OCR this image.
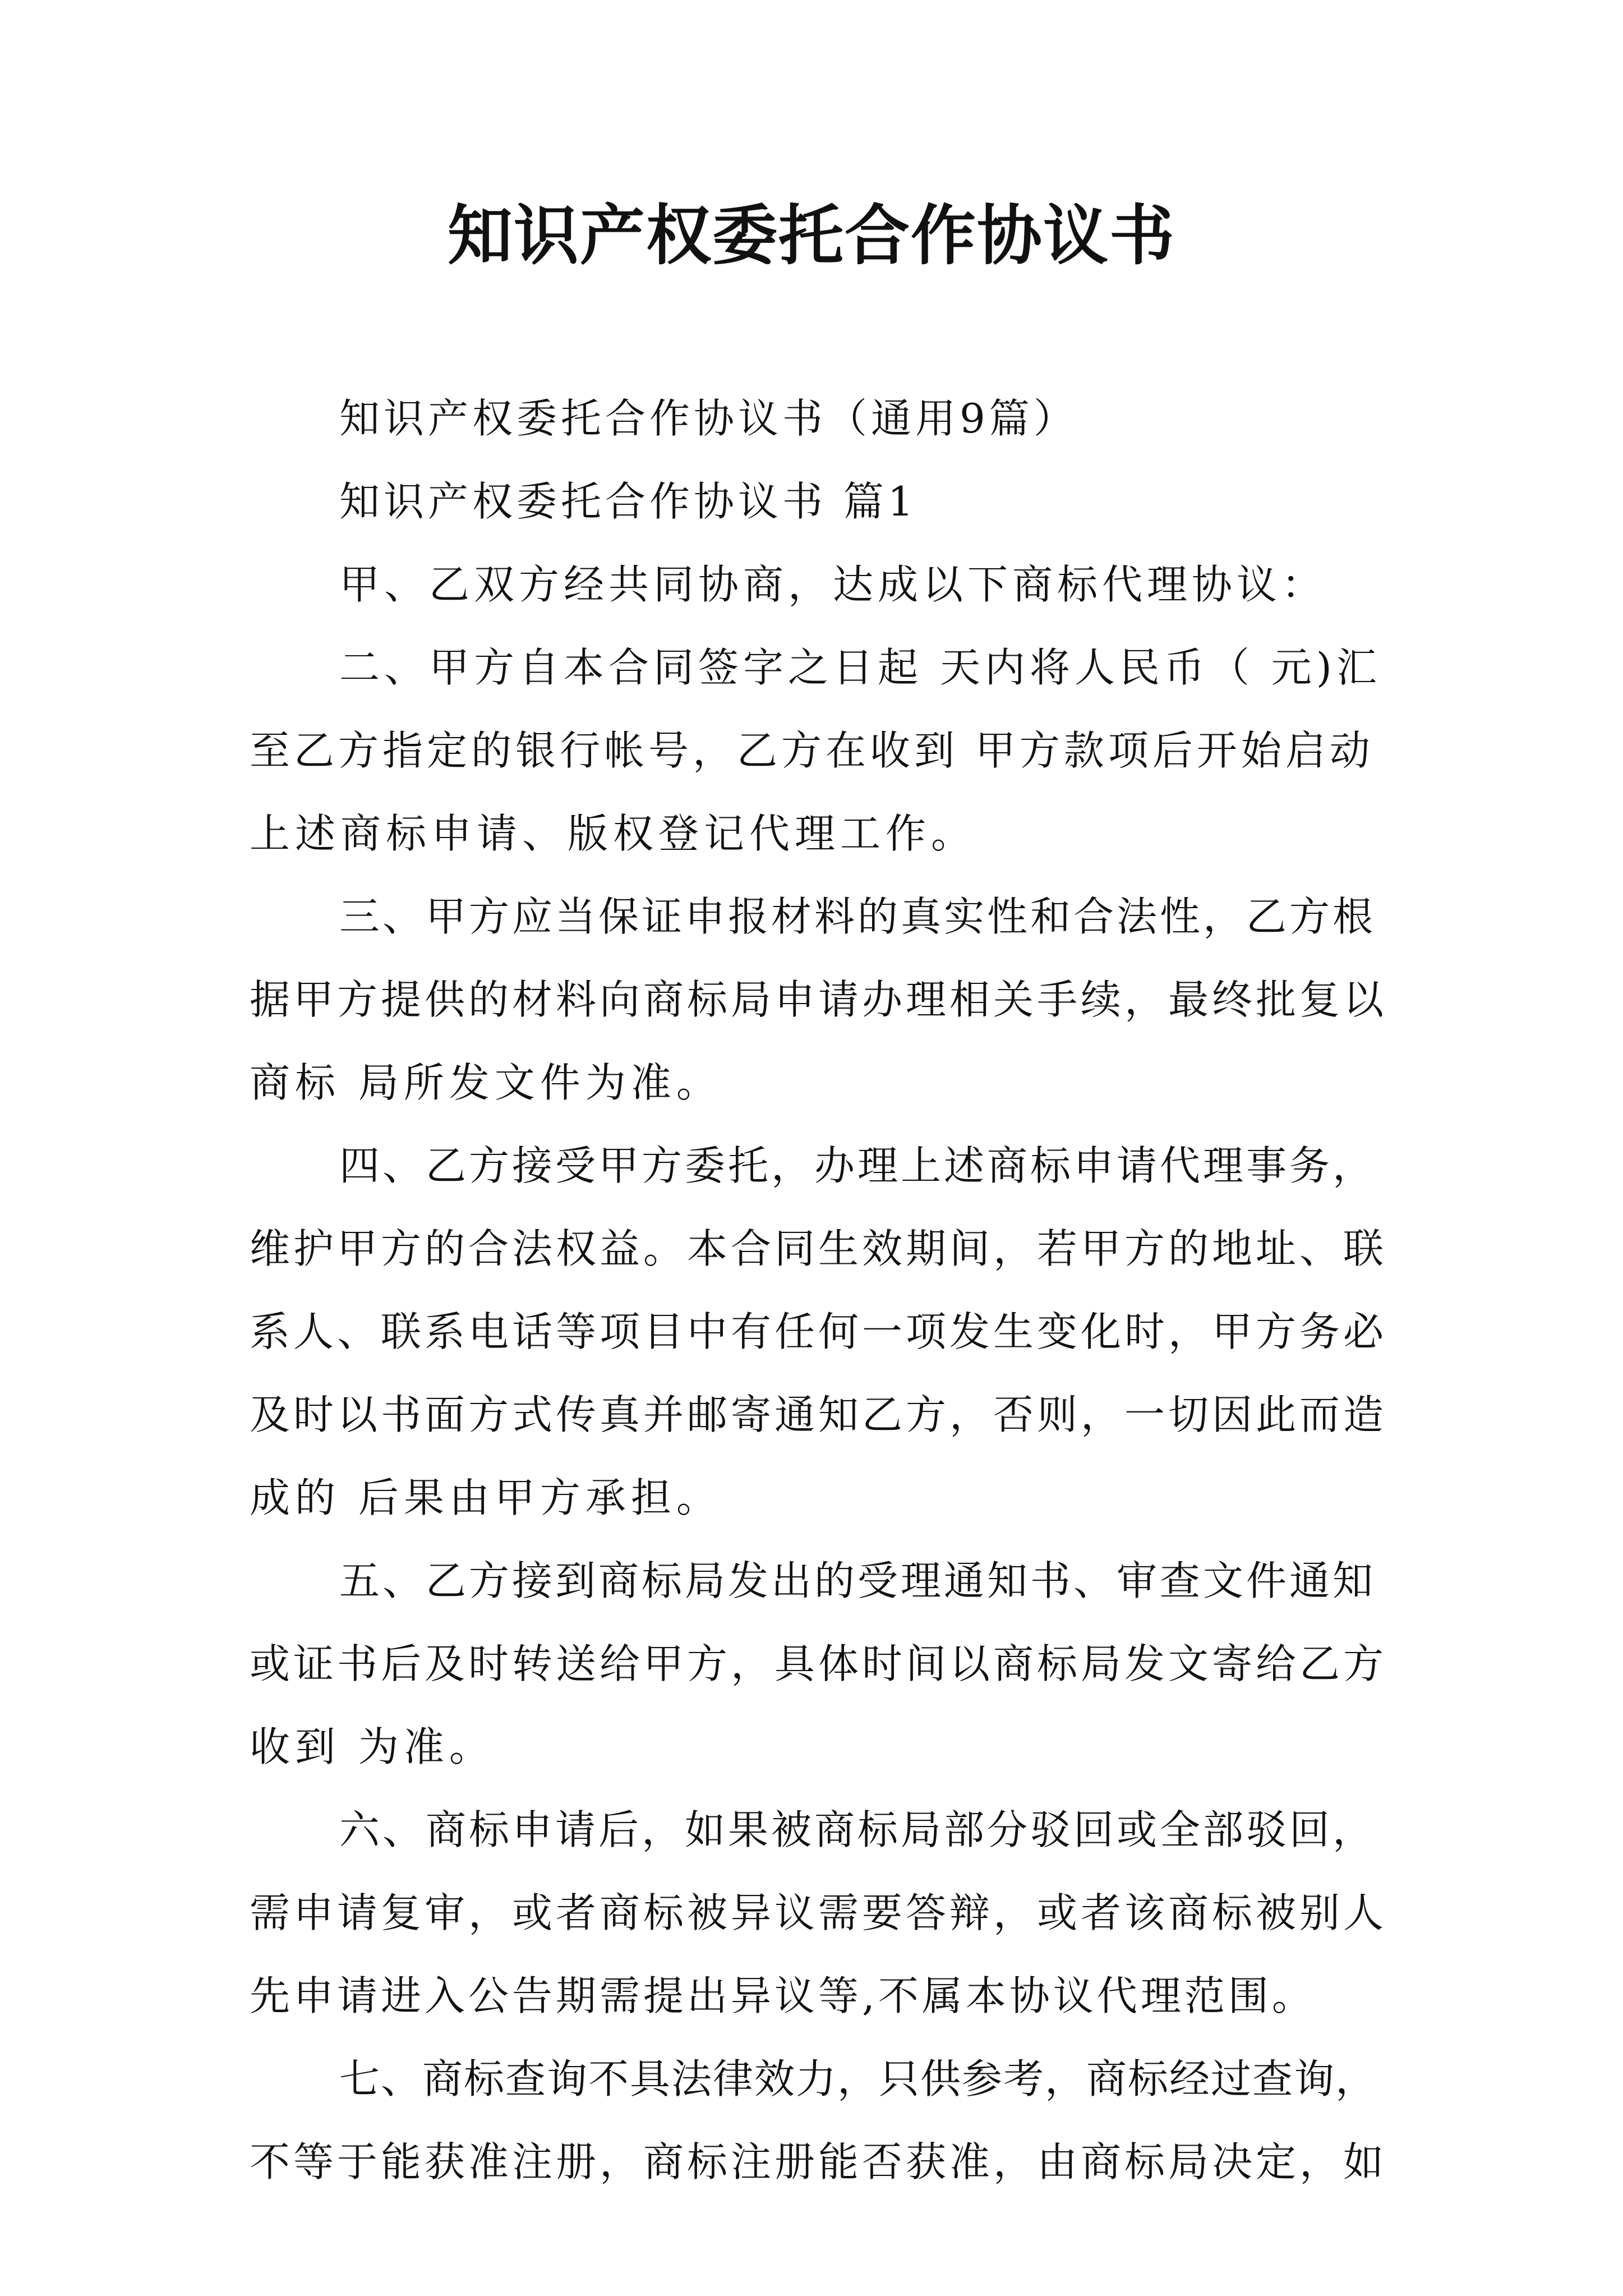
知识产权委托合作协议书
知识产权委托合作协议书（通用9篇）
知识产权委托合作协议书 篇1
甲、乙双方经共同协商，达成以下商标代理协议：
二、甲方自本合同签字之日起 天内将人民币（ 元)汇
至乙方指定的银行帐号，乙方在收到 甲方款项后开始启动
上述商标申请、版权登记代理工作。
三、甲方应当保证申报材料的真实性和合法性，乙方根
据甲方提供的材料向商标局申请办理相关手续，最终批复以
商标 局所发文件为准。
四、乙方接受甲方委托，办理上述商标申请代理事务，
维护甲方的合法权益。本合同生效期间，若甲方的地址、联
系人、联系电话等项目中有任何一项发生变化时，甲方务必
及时以书面方式传真并邮寄通知乙方，否则，一切因此而造
成的 后果由甲方承担。
五、乙方接到商标局发出的受理通知书、审查文件通知
或证书后及时转送给甲方，具体时间以商标局发文寄给乙方
收到 为准。
六、商标申请后，如果被商标局部分驳回或全部驳回，
需申请复审，或者商标被异议需要答辩，或者该商标被别人
先申请进入公告期需提出异议等,不属本协议代理范围。
七、商标查询不具法律效力，只供参考，商标经过查询，
不等于能获准注册，商标注册能否获准，由商标局决定，如
